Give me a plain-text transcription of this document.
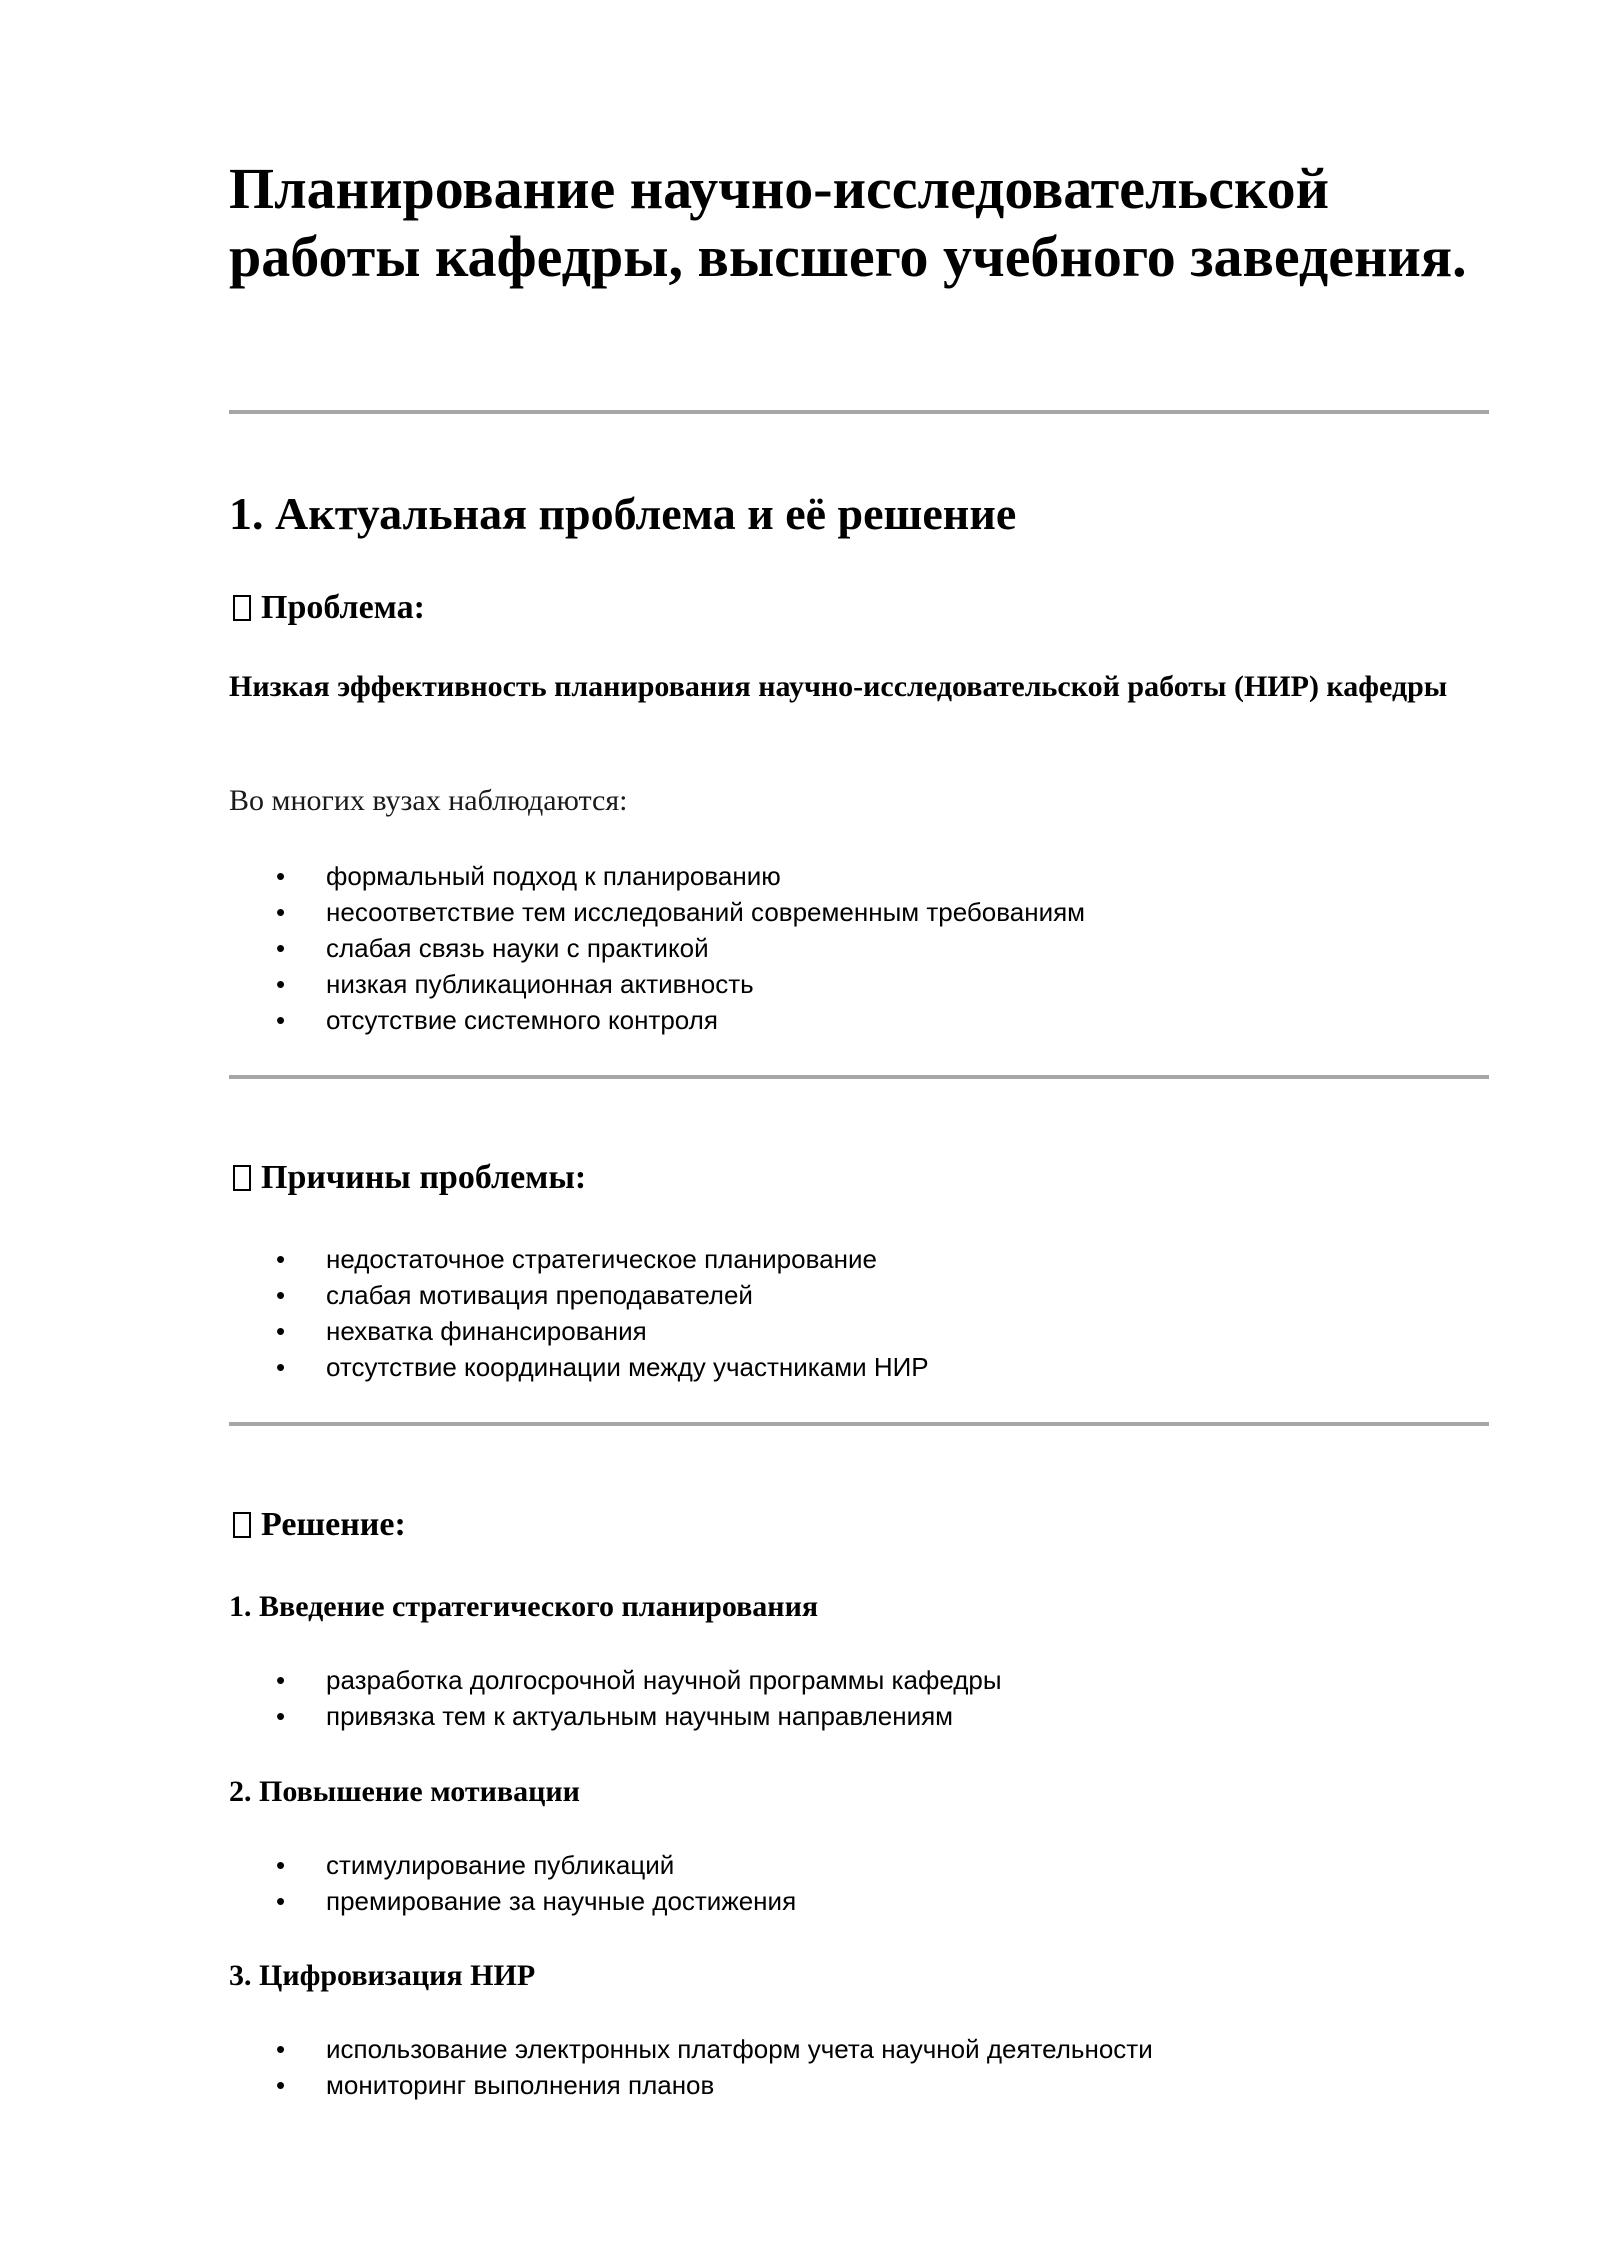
Планирование научно-исследовательской работы кафедры, высшего учебного заведения.
1. Актуальная проблема и её решение
Проблема:
Низкая эффективность планирования научно-исследовательской работы (НИР) кафедры
Во многих вузах наблюдаются:
• формальный подход к планированию
• несоответствие тем исследований современным требованиям
• слабая связь науки с практикой
• низкая публикационная активность
• отсутствие системного контроля
Причины проблемы:
• недостаточное стратегическое планирование
• слабая мотивация преподавателей
• нехватка финансирования
• отсутствие координации между участниками НИР
Решение:
1. Введение стратегического планирования
• разработка долгосрочной научной программы кафедры
• привязка тем к актуальным научным направлениям
2. Повышение мотивации
• стимулирование публикаций
• премирование за научные достижения
3. Цифровизация НИР
• использование электронных платформ учета научной деятельности
• мониторинг выполнения планов
